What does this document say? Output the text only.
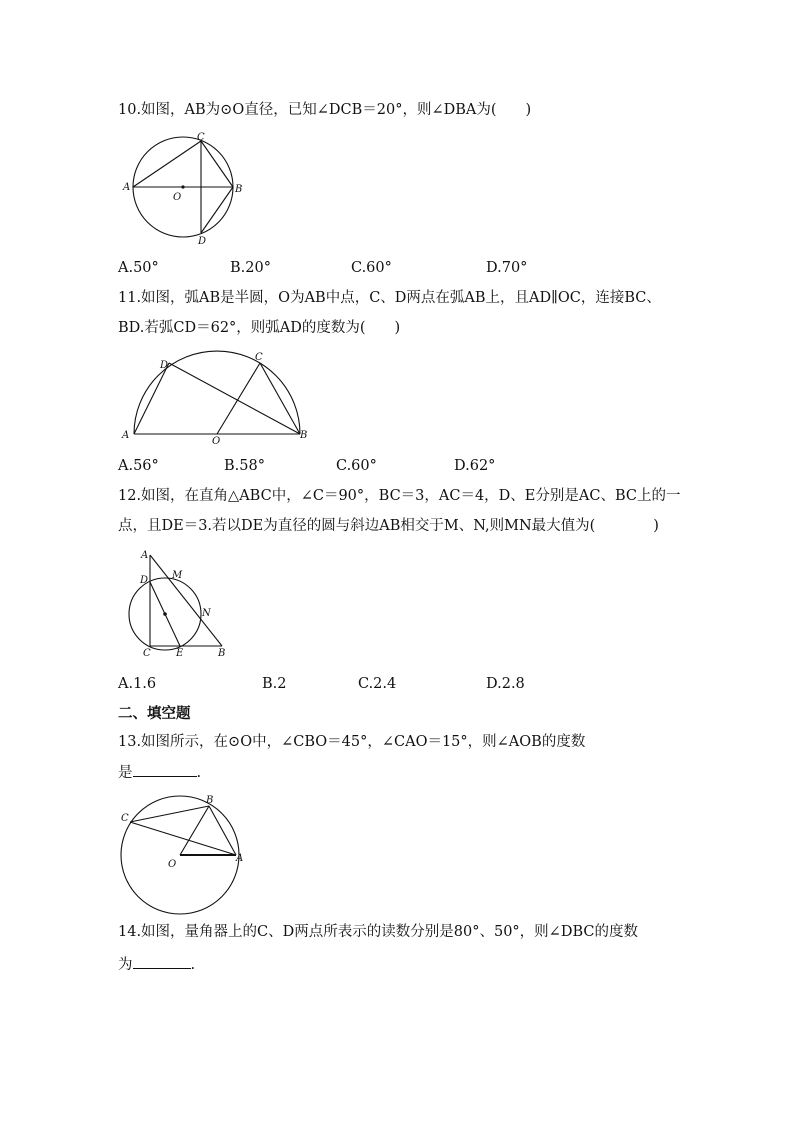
10.如图，AB为⊙O直径，已知∠DCB＝20°，则∠DBA为(　　)
A	B
C
D
O
A.50°	B.20°	C.60°	D.70°
11.如图，弧AB是半圆，O为AB中点，C、D两点在弧AB上，且AD∥OC，连接BC、
BD.若弧CD＝62°，则弧AD的度数为(　　)
A	B
C
D
O
A.56°	B.58°	C.60°	D.62°
12.如图，在直角△ABC中，∠C＝90°，BC＝3，AC＝4，D、E分别是AC、BC上的一
点，且DE＝3.若以DE为直径的圆与斜边AB相交于M、N,则MN最大值为(　　　　)
A
B
C
D
E
M
N
A.1.6	B.2	C.2.4	D.2.8
二、填空题
13.如图所示，在⊙O中，∠CBO＝45°，∠CAO＝15°，则∠AOB的度数
是	.
A
B
C
O
14.如图，量角器上的C、D两点所表示的读数分别是80°、50°，则∠DBC的度数
为	.
